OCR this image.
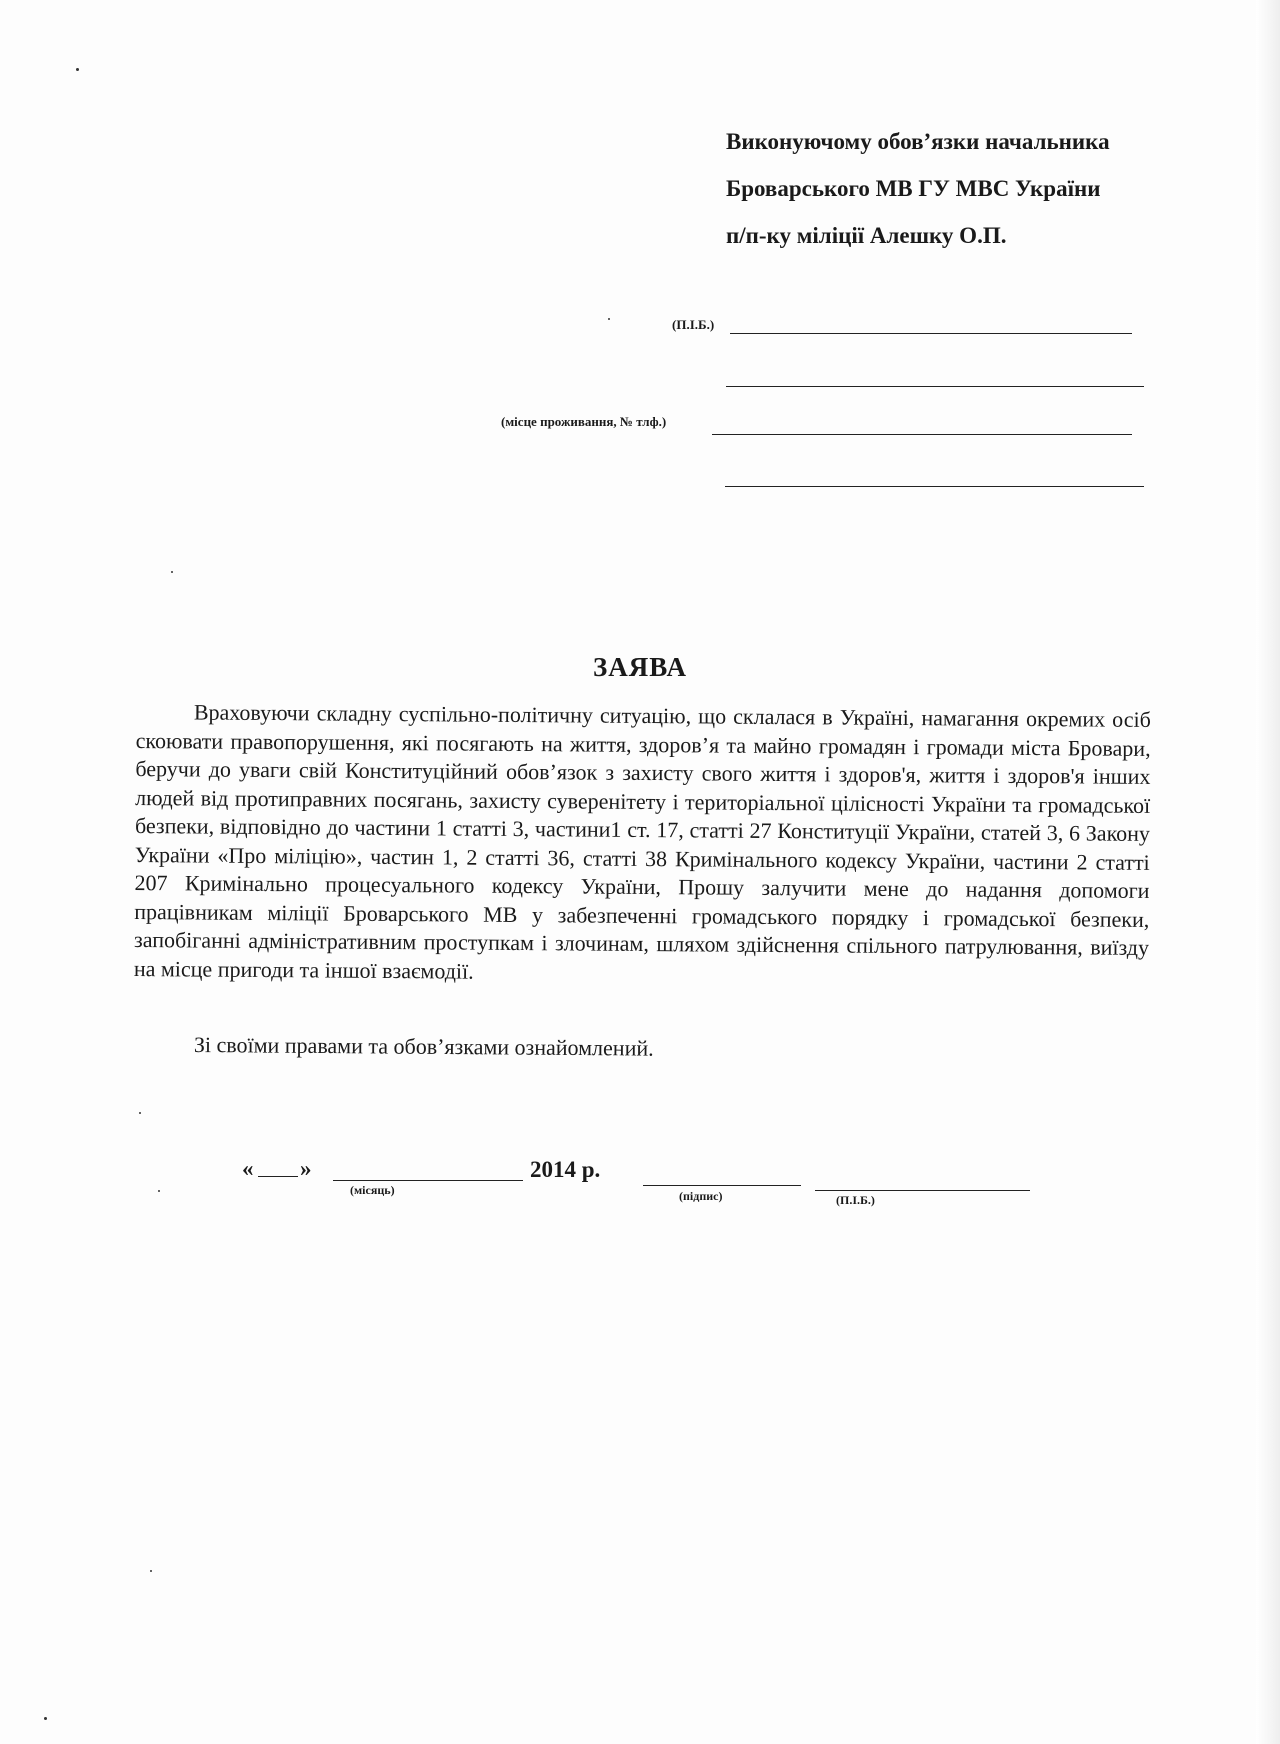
Виконуючому обов’язки начальника
Броварського МВ ГУ МВС України
п/п-ку міліції Алешку О.П.
(П.І.Б.)
(місце проживання, № тлф.)
ЗАЯВА
Враховуючи складну суспільно-політичну ситуацію, що склалася в Україні, намагання окремих осіб скоювати правопорушення, які посягають на життя, здоров’я та майно громадян і громади міста Бровари, беручи до уваги свій Конституційний обов’язок з захисту свого життя і здоров'я, життя і здоров'я інших людей від протиправних посягань, захисту суверенітету і територіальної цілісності України та громадської безпеки, відповідно до частини 1 статті 3, частини1 ст. 17, статті 27 Конституції України, статей 3, 6 Закону України «Про міліцію», частин 1, 2 статті 36, статті 38 Кримінального кодексу України, частини 2 статті 207 Кримінально процесуального кодексу України, Прошу залучити мене до надання допомоги працівникам міліції Броварського МВ у забезпеченні громадського порядку і громадської безпеки, запобіганні адміністративним проступкам і злочинам, шляхом здійснення спільного патрулювання, виїзду на місце пригоди та іншої взаємодії.
Зі своїми правами та обов’язками ознайомлений.
« »	2014 р.
(місяць)	(підпис)	(П.І.Б.)
